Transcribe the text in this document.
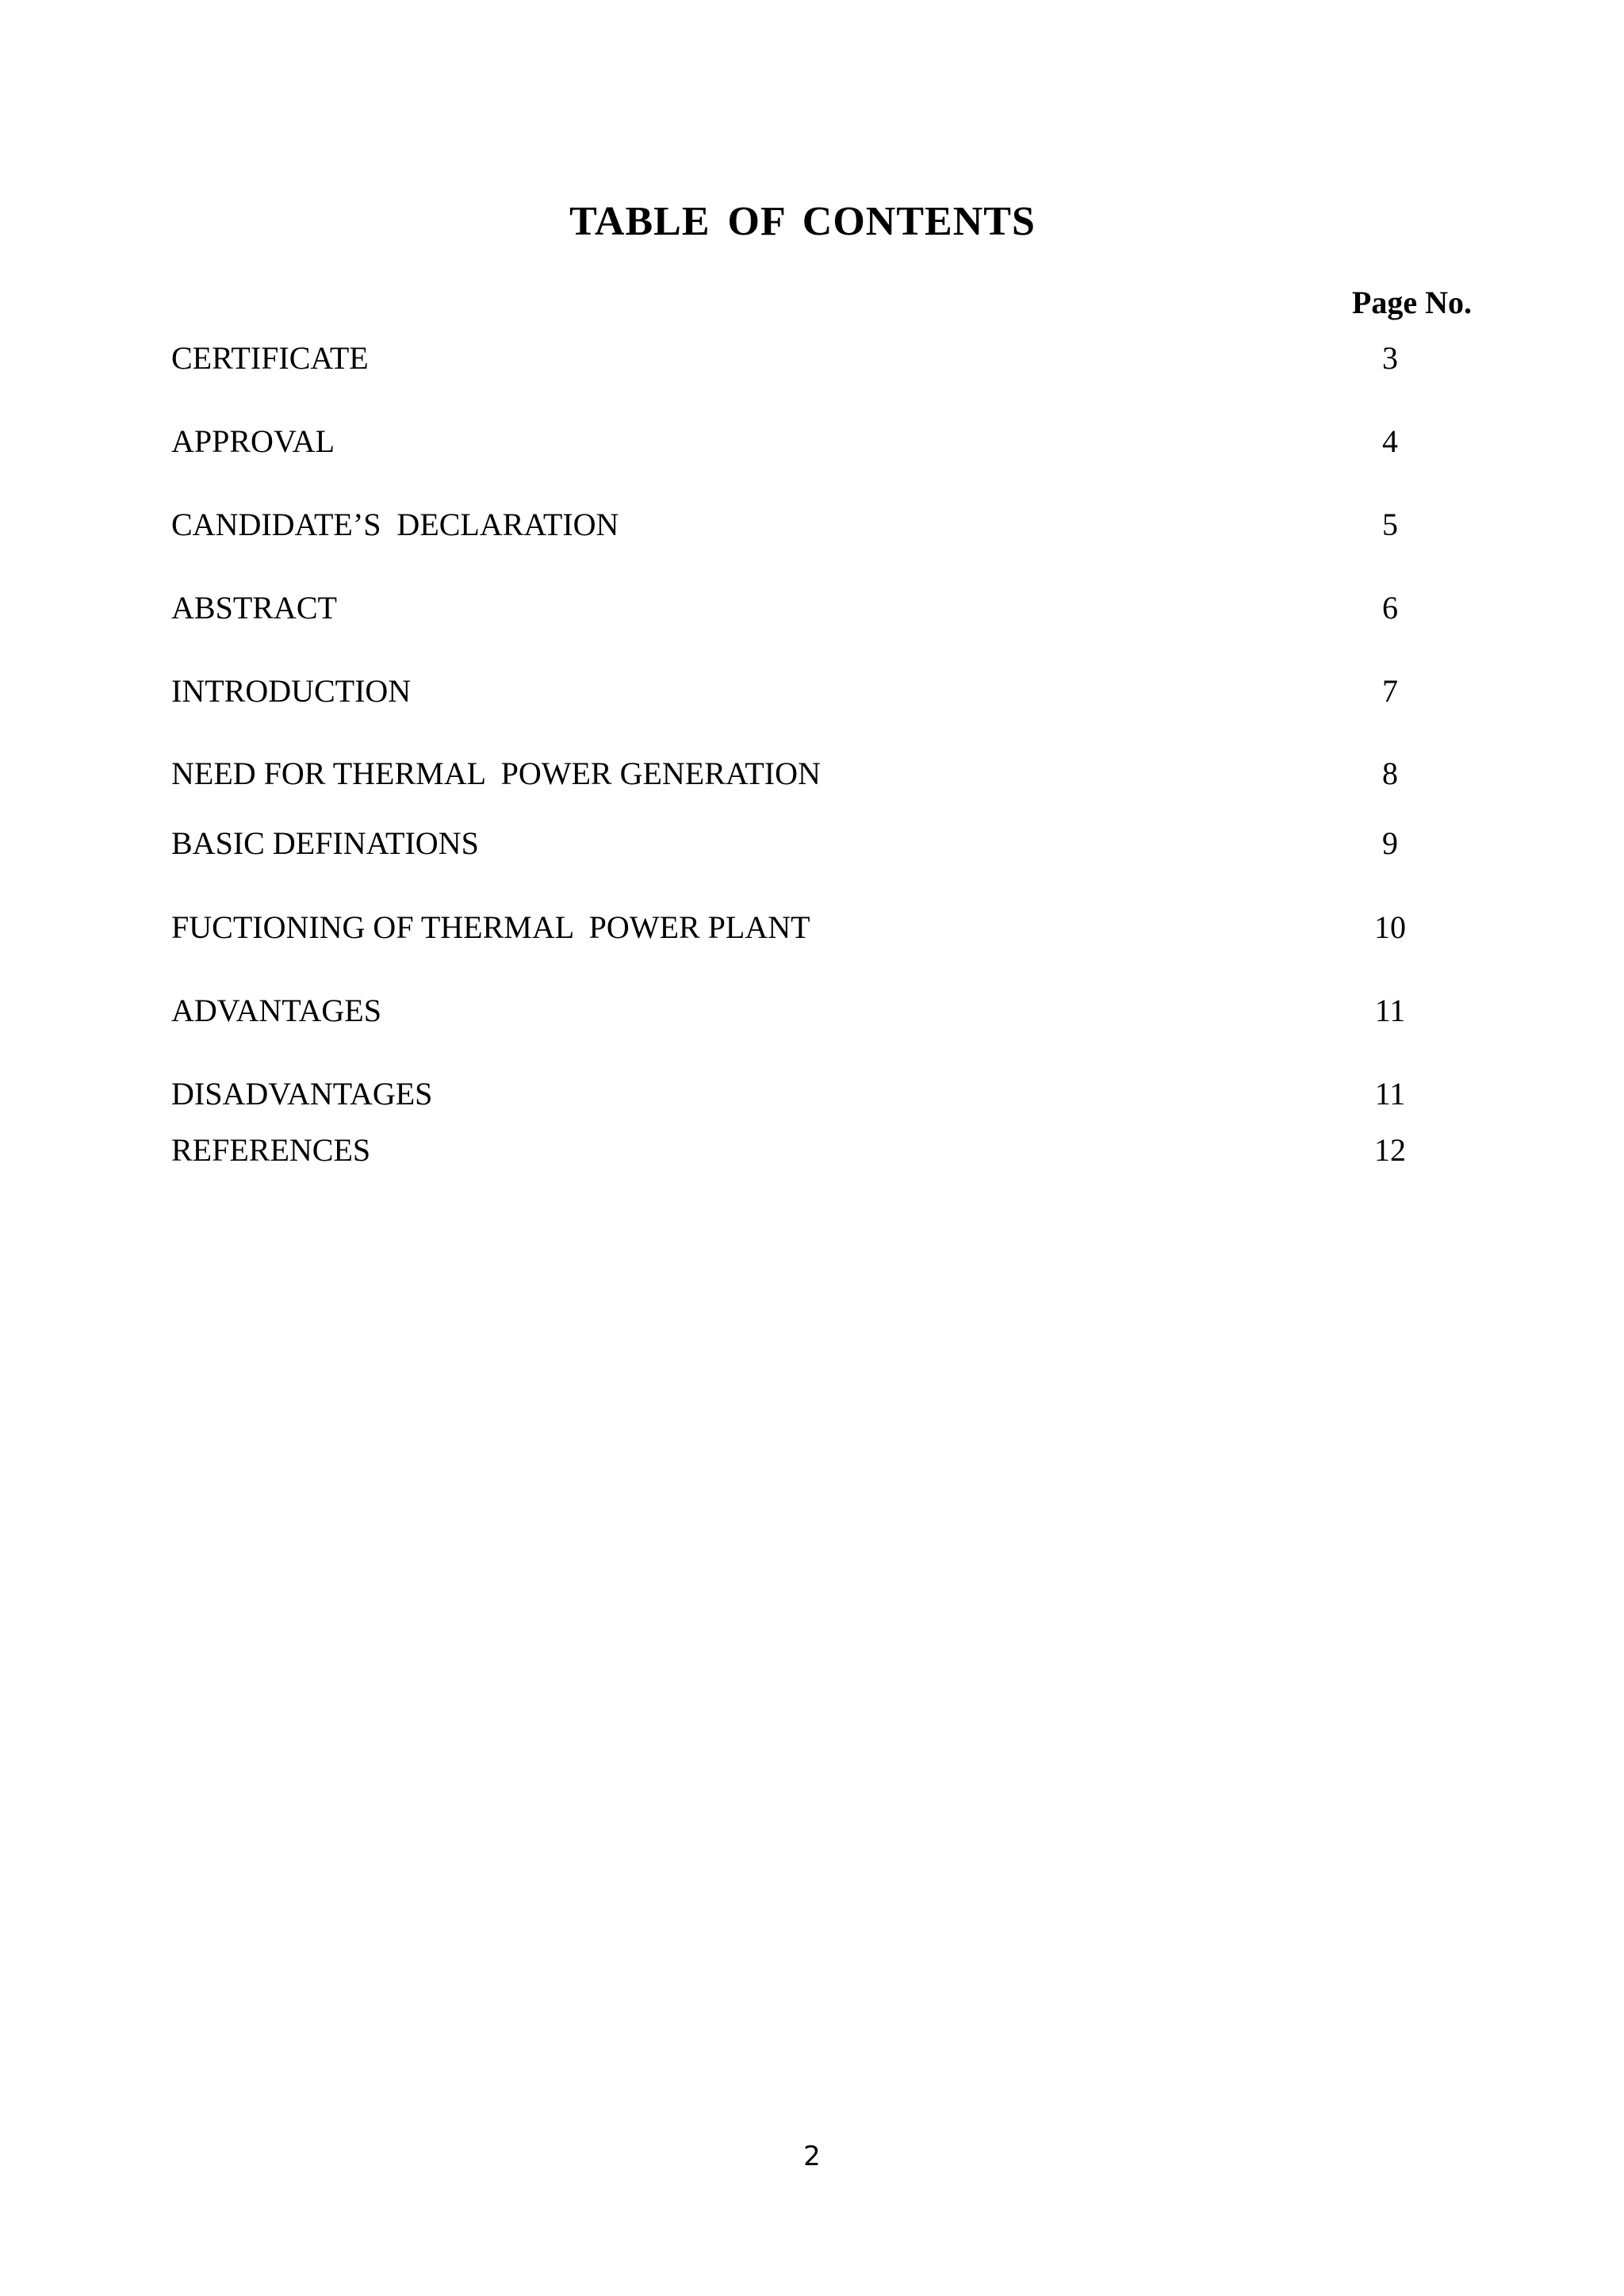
TABLE OF CONTENTS
Page No.
CERTIFICATE	3
APPROVAL	4
CANDIDATE’S  DECLARATION	5
ABSTRACT	6
INTRODUCTION	7
NEED FOR THERMAL  POWER GENERATION	8
BASIC DEFINATIONS	9
FUCTIONING OF THERMAL  POWER PLANT	10
ADVANTAGES	11
DISADVANTAGES	11
REFERENCES	12
2
